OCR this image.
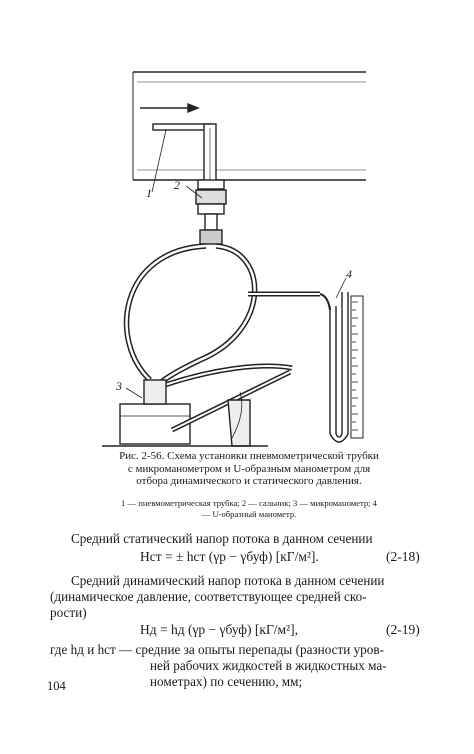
1
2
3
4
Рис. 2-56. Схема установки пневмометрической трубки с микроманометром и U-образным манометром для отбора динамического и статического давления.
1 — пневмометрическая трубка; 2 — сальник; 3 — микроманометр; 4 — U-образный манометр.
Средний статический напор потока в данном сечении
Hст = ± hст (γр − γбуф) [кГ/м²].	(2-18)
Средний динамический напор потока в данном сечении
(динамическое давление, соответствующее средней ско-
рости)
Hд = hд (γр − γбуф) [кГ/м²],	(2-19)
где hд и hст — средние за опыты перепады (разности уров-
ней рабочих жидкостей в жидкостных ма-
нометрах) по сечению, мм;
104
